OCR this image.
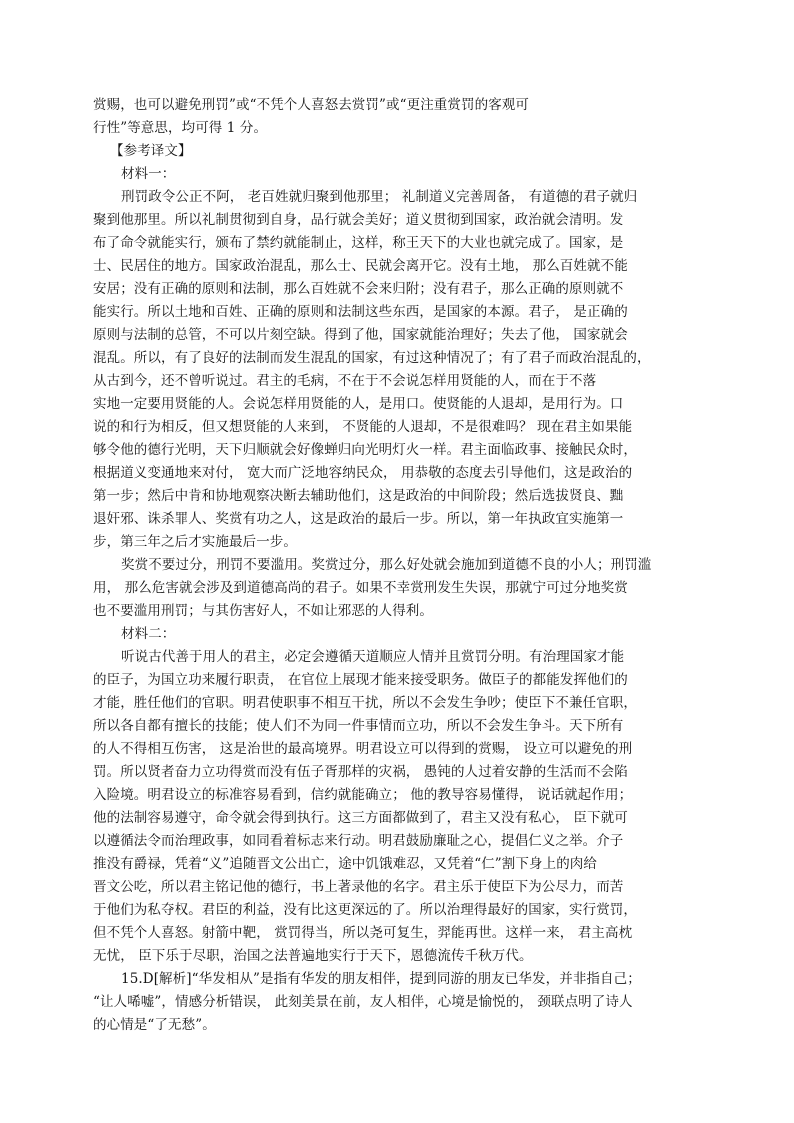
赏赐，也可以避免刑罚”或“不凭个人喜怒去赏罚”或“更注重赏罚的客观可
行性”等意思，均可得 1 分。
【参考译文】
材料一：
刑罚政令公正不阿， 老百姓就归聚到他那里； 礼制道义完善周备， 有道德的君子就归
聚到他那里。所以礼制贯彻到自身，品行就会美好；道义贯彻到国家，政治就会清明。发
布了命令就能实行，颁布了禁约就能制止，这样，称王天下的大业也就完成了。国家，是
士、民居住的地方。国家政治混乱，那么士、民就会离开它。没有土地， 那么百姓就不能
安居；没有正确的原则和法制，那么百姓就不会来归附；没有君子，那么正确的原则就不
能实行。所以土地和百姓、正确的原则和法制这些东西，是国家的本源。君子， 是正确的
原则与法制的总管，不可以片刻空缺。得到了他，国家就能治理好；失去了他， 国家就会
混乱。所以，有了良好的法制而发生混乱的国家，有过这种情况了；有了君子而政治混乱的，
从古到今，还不曾听说过。君主的毛病，不在于不会说怎样用贤能的人，而在于不落
实地一定要用贤能的人。会说怎样用贤能的人，是用口。使贤能的人退却，是用行为。口
说的和行为相反，但又想贤能的人来到， 不贤能的人退却，不是很难吗？ 现在君主如果能
够令他的德行光明，天下归顺就会好像蝉归向光明灯火一样。君主面临政事、接触民众时，
根据道义变通地来对付， 宽大而广泛地容纳民众， 用恭敬的态度去引导他们，这是政治的
第一步；然后中肯和协地观察决断去辅助他们，这是政治的中间阶段；然后选拔贤良、黜
退奸邪、诛杀罪人、奖赏有功之人，这是政治的最后一步。所以，第一年执政宜实施第一
步，第三年之后才实施最后一步。
奖赏不要过分，刑罚不要滥用。奖赏过分，那么好处就会施加到道德不良的小人；刑罚滥
用， 那么危害就会涉及到道德高尚的君子。如果不幸赏刑发生失误，那就宁可过分地奖赏
也不要滥用刑罚；与其伤害好人，不如让邪恶的人得利。
材料二：
听说古代善于用人的君主，必定会遵循天道顺应人情并且赏罚分明。有治理国家才能
的臣子，为国立功来履行职责， 在官位上展现才能来接受职务。做臣子的都能发挥他们的
才能，胜任他们的官职。明君使职事不相互干扰，所以不会发生争吵；使臣下不兼任官职，
所以各自都有擅长的技能；使人们不为同一件事情而立功，所以不会发生争斗。天下所有
的人不得相互伤害， 这是治世的最高境界。明君设立可以得到的赏赐， 设立可以避免的刑
罚。所以贤者奋力立功得赏而没有伍子胥那样的灾祸， 愚钝的人过着安静的生活而不会陷
入险境。明君设立的标准容易看到，信约就能确立； 他的教导容易懂得， 说话就起作用；
他的法制容易遵守，命令就会得到执行。这三方面都做到了，君主又没有私心， 臣下就可
以遵循法令而治理政事，如同看着标志来行动。明君鼓励廉耻之心，提倡仁义之举。介子
推没有爵禄，凭着“义”追随晋文公出亡，途中饥饿难忍，又凭着“仁”割下身上的肉给
晋文公吃，所以君主铭记他的德行，书上著录他的名字。君主乐于使臣下为公尽力，而苦
于他们为私夺权。君臣的利益，没有比这更深远的了。所以治理得最好的国家，实行赏罚，
但不凭个人喜怒。射箭中靶， 赏罚得当，所以尧可复生，羿能再世。这样一来， 君主高枕
无忧， 臣下乐于尽职，治国之法普遍地实行于天下，恩德流传千秋万代。
15.D[解析]“华发相从”是指有华发的朋友相伴，提到同游的朋友已华发，并非指自己；
“让人唏嘘”，情感分析错误， 此刻美景在前，友人相伴，心境是愉悦的， 颈联点明了诗人
的心情是“了无愁”。
